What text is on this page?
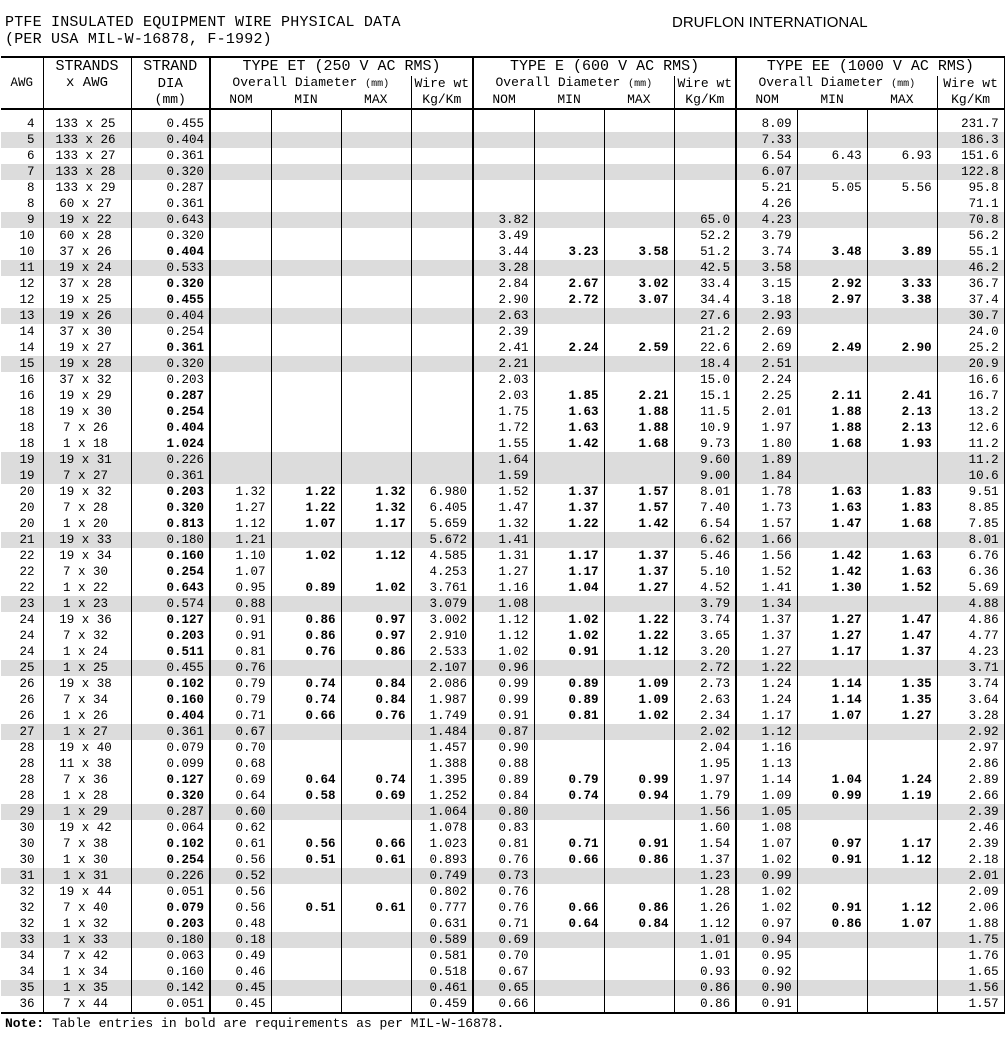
PTFE INSULATED EQUIPMENT WIRE PHYSICAL DATA
(PER USA MIL-W-16878, F-1992)
DRUFLON INTERNATIONAL
AWG	STRANDS	STRAND	TYPE ET (250 V AC RMS)				TYPE E (600 V AC RMS)				TYPE EE (1000 V AC RMS)			
	x AWG	DIA	Overall Diameter (mm)			Wire wt	Overall Diameter (mm)			Wire wt	Overall Diameter (mm)			Wire wt
		(mm)	NOM	MIN	MAX	Kg/Km	NOM	MIN	MAX	Kg/Km	NOM	MIN	MAX	Kg/Km

4	133 x 25	0.455									8.09			231.7
5	133 x 26	0.404									7.33			186.3
6	133 x 27	0.361									6.54	6.43	6.93	151.6
7	133 x 28	0.320									6.07			122.8
8	133 x 29	0.287									5.21	5.05	5.56	95.8
8	60 x 27	0.361									4.26			71.1
9	19 x 22	0.643					3.82			65.0	4.23			70.8
10	60 x 28	0.320					3.49			52.2	3.79			56.2
10	37 x 26	0.404					3.44	3.23	3.58	51.2	3.74	3.48	3.89	55.1
11	19 x 24	0.533					3.28			42.5	3.58			46.2
12	37 x 28	0.320					2.84	2.67	3.02	33.4	3.15	2.92	3.33	36.7
12	19 x 25	0.455					2.90	2.72	3.07	34.4	3.18	2.97	3.38	37.4
13	19 x 26	0.404					2.63			27.6	2.93			30.7
14	37 x 30	0.254					2.39			21.2	2.69			24.0
14	19 x 27	0.361					2.41	2.24	2.59	22.6	2.69	2.49	2.90	25.2
15	19 x 28	0.320					2.21			18.4	2.51			20.9
16	37 x 32	0.203					2.03			15.0	2.24			16.6
16	19 x 29	0.287					2.03	1.85	2.21	15.1	2.25	2.11	2.41	16.7
18	19 x 30	0.254					1.75	1.63	1.88	11.5	2.01	1.88	2.13	13.2
18	7 x 26	0.404					1.72	1.63	1.88	10.9	1.97	1.88	2.13	12.6
18	1 x 18	1.024					1.55	1.42	1.68	9.73	1.80	1.68	1.93	11.2
19	19 x 31	0.226					1.64			9.60	1.89			11.2
19	7 x 27	0.361					1.59			9.00	1.84			10.6
20	19 x 32	0.203	1.32	1.22	1.32	6.980	1.52	1.37	1.57	8.01	1.78	1.63	1.83	9.51
20	7 x 28	0.320	1.27	1.22	1.32	6.405	1.47	1.37	1.57	7.40	1.73	1.63	1.83	8.85
20	1 x 20	0.813	1.12	1.07	1.17	5.659	1.32	1.22	1.42	6.54	1.57	1.47	1.68	7.85
21	19 x 33	0.180	1.21			5.672	1.41			6.62	1.66			8.01
22	19 x 34	0.160	1.10	1.02	1.12	4.585	1.31	1.17	1.37	5.46	1.56	1.42	1.63	6.76
22	7 x 30	0.254	1.07			4.253	1.27	1.17	1.37	5.10	1.52	1.42	1.63	6.36
22	1 x 22	0.643	0.95	0.89	1.02	3.761	1.16	1.04	1.27	4.52	1.41	1.30	1.52	5.69
23	1 x 23	0.574	0.88			3.079	1.08			3.79	1.34			4.88
24	19 x 36	0.127	0.91	0.86	0.97	3.002	1.12	1.02	1.22	3.74	1.37	1.27	1.47	4.86
24	7 x 32	0.203	0.91	0.86	0.97	2.910	1.12	1.02	1.22	3.65	1.37	1.27	1.47	4.77
24	1 x 24	0.511	0.81	0.76	0.86	2.533	1.02	0.91	1.12	3.20	1.27	1.17	1.37	4.23
25	1 x 25	0.455	0.76			2.107	0.96			2.72	1.22			3.71
26	19 x 38	0.102	0.79	0.74	0.84	2.086	0.99	0.89	1.09	2.73	1.24	1.14	1.35	3.74
26	7 x 34	0.160	0.79	0.74	0.84	1.987	0.99	0.89	1.09	2.63	1.24	1.14	1.35	3.64
26	1 x 26	0.404	0.71	0.66	0.76	1.749	0.91	0.81	1.02	2.34	1.17	1.07	1.27	3.28
27	1 x 27	0.361	0.67			1.484	0.87			2.02	1.12			2.92
28	19 x 40	0.079	0.70			1.457	0.90			2.04	1.16			2.97
28	11 x 38	0.099	0.68			1.388	0.88			1.95	1.13			2.86
28	7 x 36	0.127	0.69	0.64	0.74	1.395	0.89	0.79	0.99	1.97	1.14	1.04	1.24	2.89
28	1 x 28	0.320	0.64	0.58	0.69	1.252	0.84	0.74	0.94	1.79	1.09	0.99	1.19	2.66
29	1 x 29	0.287	0.60			1.064	0.80			1.56	1.05			2.39
30	19 x 42	0.064	0.62			1.078	0.83			1.60	1.08			2.46
30	7 x 38	0.102	0.61	0.56	0.66	1.023	0.81	0.71	0.91	1.54	1.07	0.97	1.17	2.39
30	1 x 30	0.254	0.56	0.51	0.61	0.893	0.76	0.66	0.86	1.37	1.02	0.91	1.12	2.18
31	1 x 31	0.226	0.52			0.749	0.73			1.23	0.99			2.01
32	19 x 44	0.051	0.56			0.802	0.76			1.28	1.02			2.09
32	7 x 40	0.079	0.56	0.51	0.61	0.777	0.76	0.66	0.86	1.26	1.02	0.91	1.12	2.06
32	1 x 32	0.203	0.48			0.631	0.71	0.64	0.84	1.12	0.97	0.86	1.07	1.88
33	1 x 33	0.180	0.18			0.589	0.69			1.01	0.94			1.75
34	7 x 42	0.063	0.49			0.581	0.70			1.01	0.95			1.76
34	1 x 34	0.160	0.46			0.518	0.67			0.93	0.92			1.65
35	1 x 35	0.142	0.45			0.461	0.65			0.86	0.90			1.56
36	7 x 44	0.051	0.45			0.459	0.66			0.86	0.91			1.57
Note: Table entries in bold are requirements as per MIL-W-16878.
